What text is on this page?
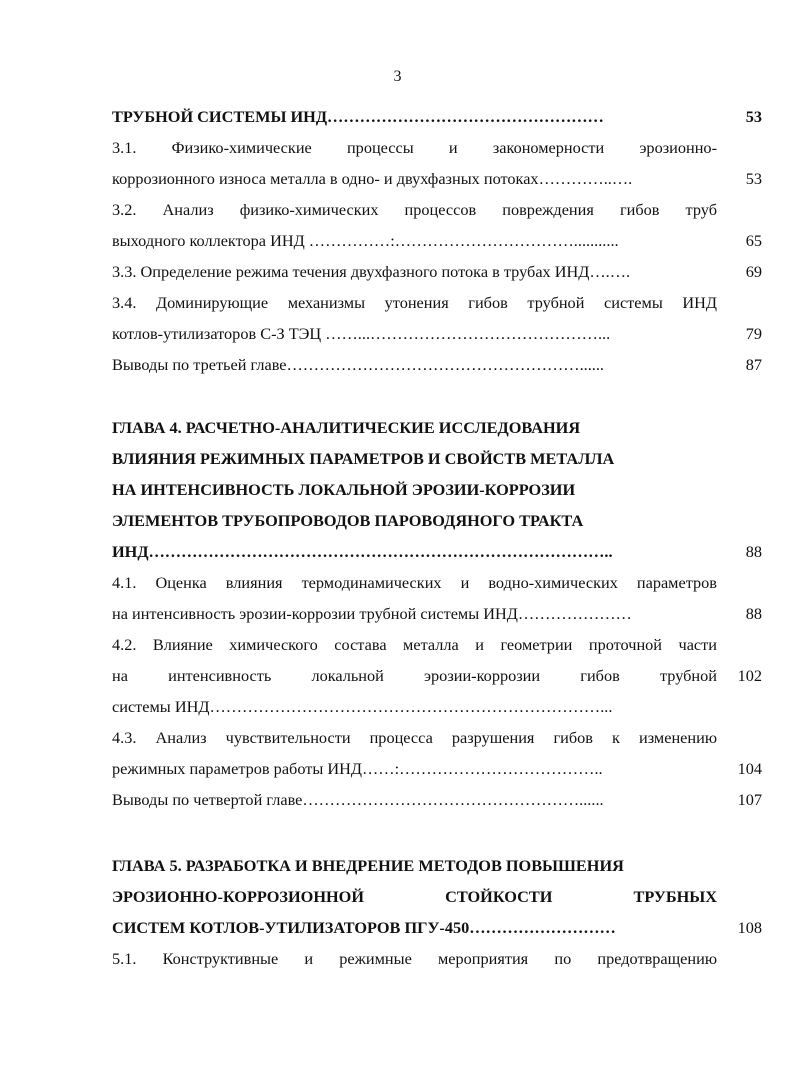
3
ТРУБНОЙ СИСТЕМЫ ИНД……………………………………………	53
3.1. Физико-химические процессы и закономерности эрозионно-
коррозионного износа металла в одно- и двухфазных потоках…………..….	53
3.2. Анализ физико-химических процессов повреждения гибов труб
выходного коллектора ИНД ……………:……………………………...........	65
3.3. Определение режима течения двухфазного потока в трубах ИНД….….	69
3.4. Доминирующие механизмы утонения гибов трубной системы ИНД
котлов-утилизаторов С-З ТЭЦ ……...……………………………………...	79
Выводы по третьей главе………………………………………………......	87
ГЛАВА 4. РАСЧЕТНО-АНАЛИТИЧЕСКИЕ ИССЛЕДОВАНИЯ
ВЛИЯНИЯ РЕЖИМНЫХ ПАРАМЕТРОВ И СВОЙСТВ МЕТАЛЛА
НА ИНТЕНСИВНОСТЬ ЛОКАЛЬНОЙ ЭРОЗИИ-КОРРОЗИИ
ЭЛЕМЕНТОВ ТРУБОПРОВОДОВ ПАРОВОДЯНОГО ТРАКТА
ИНД…………………………………………………………………………..	88
4.1. Оценка влияния термодинамических и водно-химических параметров
на интенсивность эрозии-коррозии трубной системы ИНД…………………	88
4.2. Влияние химического состава металла и геометрии проточной части
на интенсивность локальной эрозии-коррозии гибов трубной	102
системы ИНД………………………………………………………………...
4.3. Анализ чувствительности процесса разрушения гибов к изменению
режимных параметров работы ИНД……:………………………………..	104
Выводы по четвертой главе……………………………………………......	107
ГЛАВА 5. РАЗРАБОТКА И ВНЕДРЕНИЕ МЕТОДОВ ПОВЫШЕНИЯ
ЭРОЗИОННО-КОРРОЗИОННОЙ СТОЙКОСТИ ТРУБНЫХ
СИСТЕМ КОТЛОВ-УТИЛИЗАТОРОВ ПГУ-450………………………	108
5.1. Конструктивные и режимные мероприятия по предотвращению
